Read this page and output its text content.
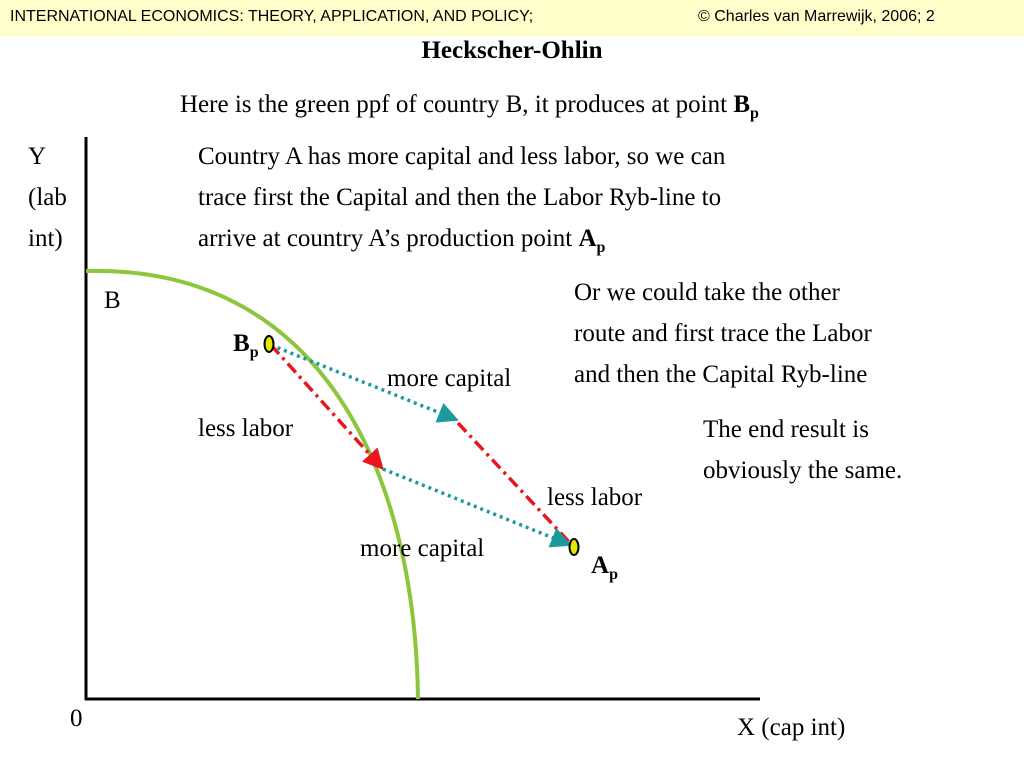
INTERNATIONAL ECONOMICS: THEORY, APPLICATION, AND POLICY;	© Charles van Marrewijk, 2006; 2
Heckscher-Ohlin
Here is the green ppf of country B, it produces at point $B_p$
Country A has more capital and less labor, so we can
trace first the Capital and then the Labor Ryb-line to
arrive at country A’s production point $A_p$
Or we could take the other
route and first trace the Labor
and then the Capital Ryb-line
The end result is
obviously the same.
Y
(lab
int)
B
$B_p$
$A_p$
more capital
less labor
less labor
more capital
0	X (cap int)
